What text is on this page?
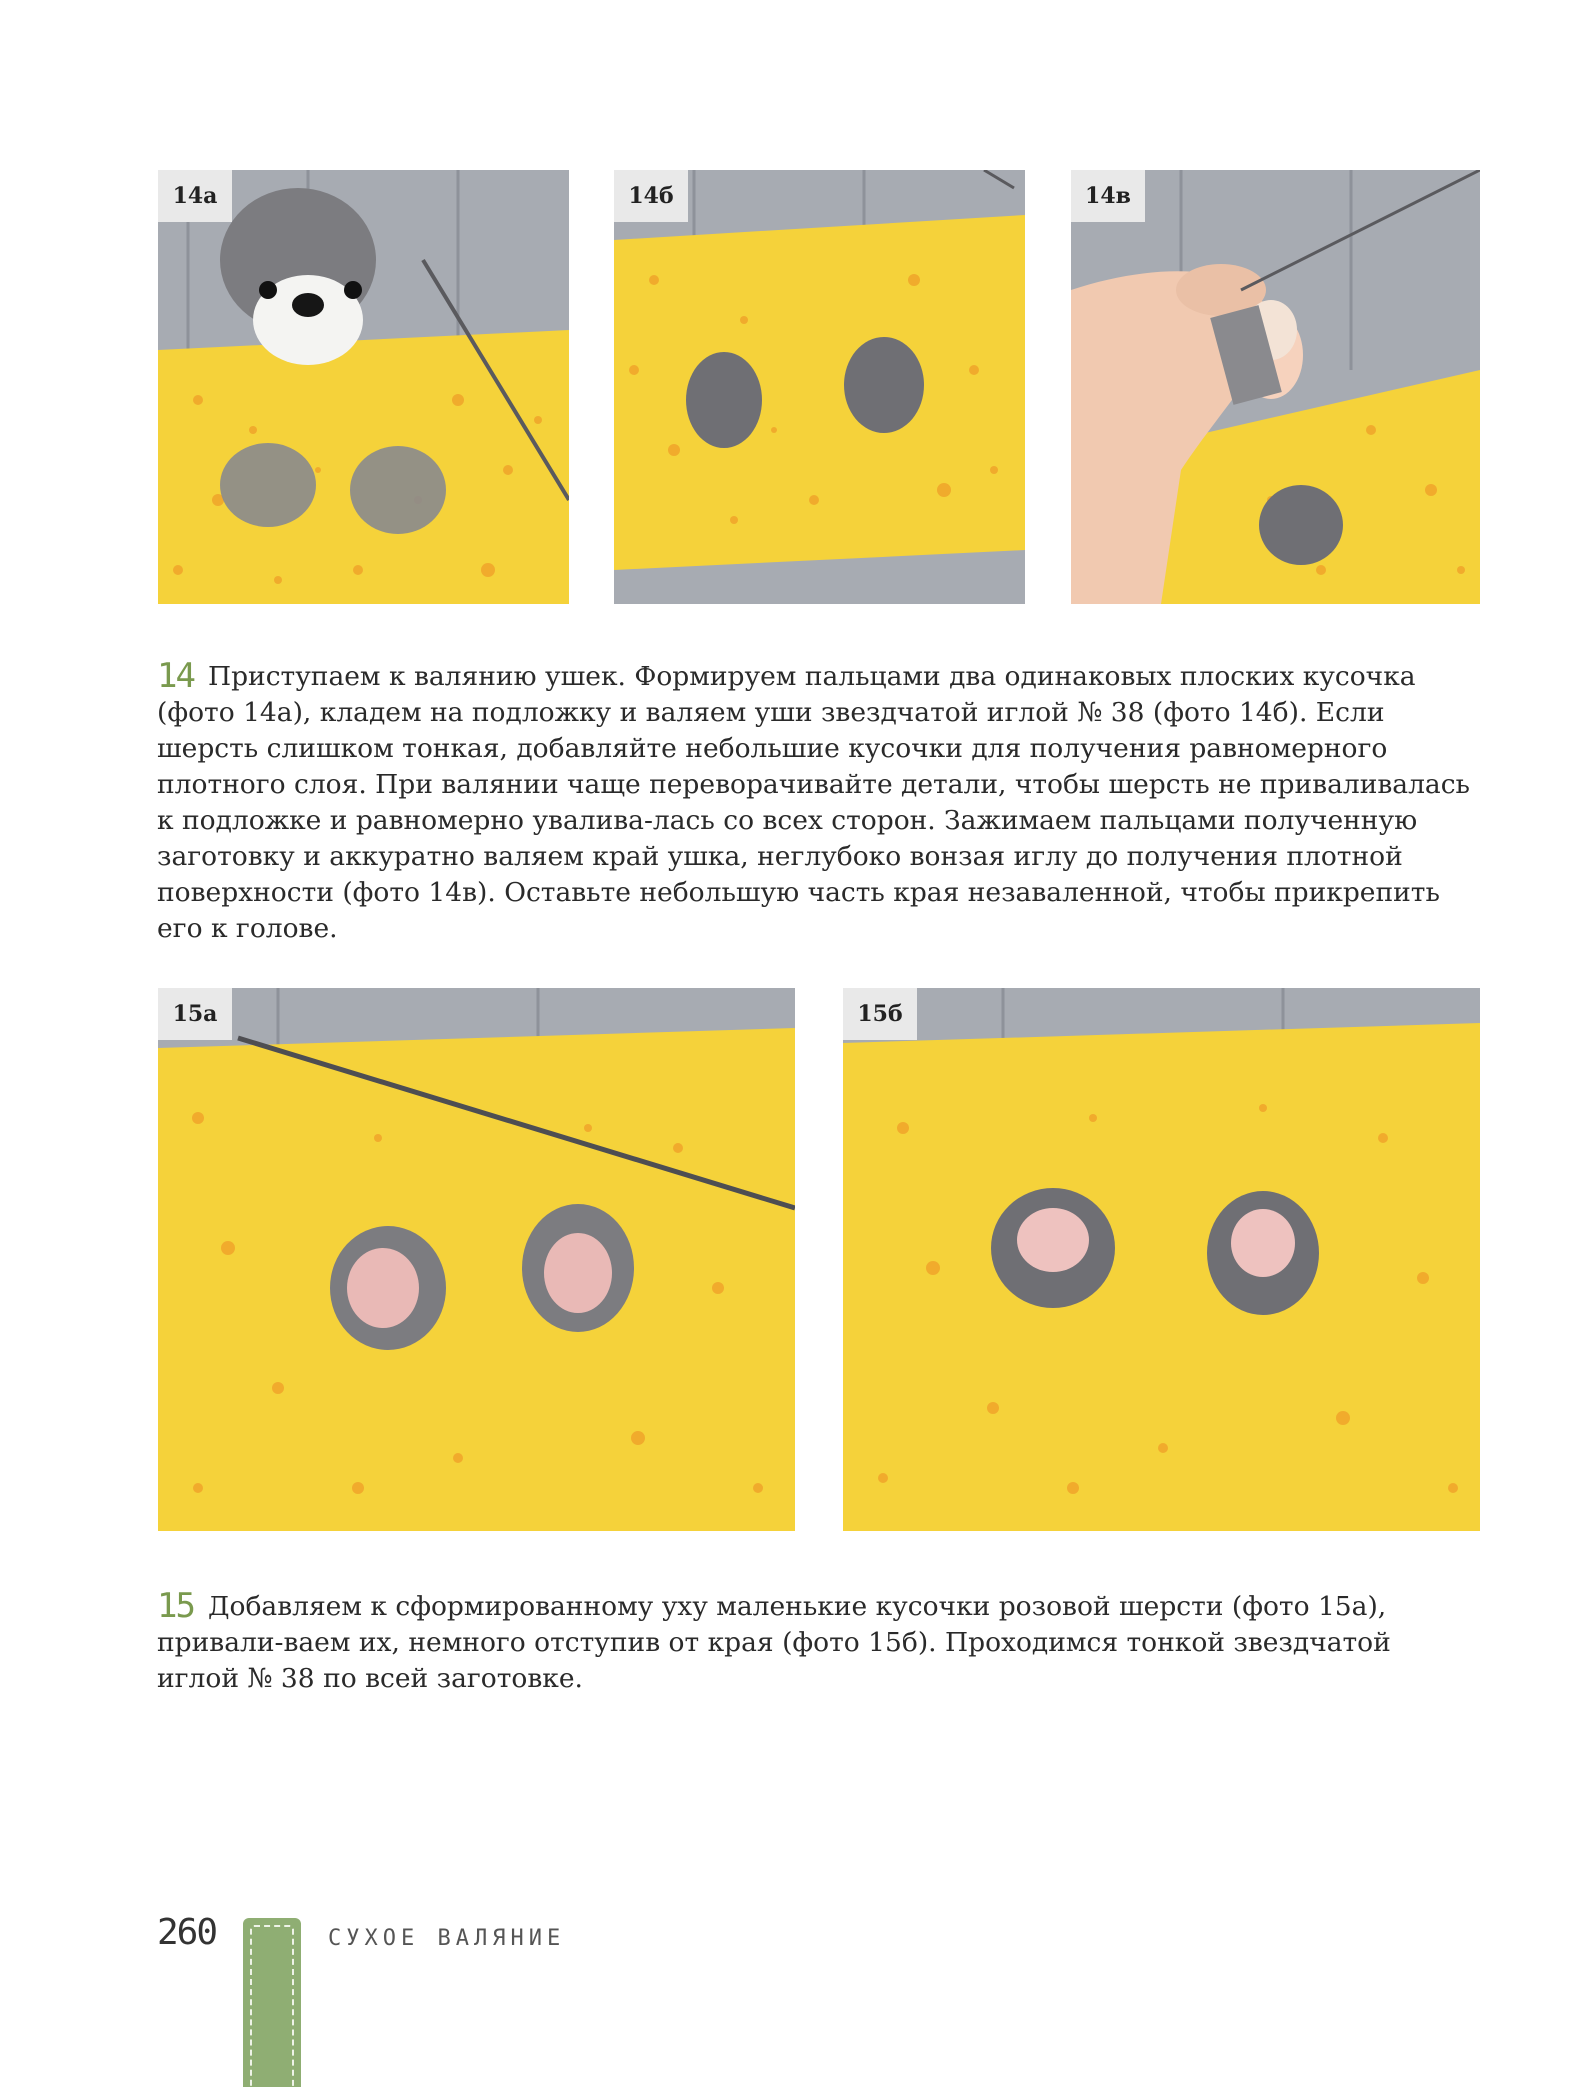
14а	14б	14в
14 Приступаем к валянию ушек. Формируем пальцами два одинаковых плоских кусочка (фото 14а), кладем на подложку и валяем уши звездчатой иглой № 38 (фото 14б). Если шерсть слишком тонкая, добавляйте небольшие кусочки для получения равномерного плотного слоя. При валянии чаще переворачивайте детали, чтобы шерсть не приваливалась к подложке и равномерно увалива-лась со всех сторон. Зажимаем пальцами полученную заготовку и аккуратно валяем край ушка, неглубоко вонзая иглу до получения плотной поверхности (фото 14в). Оставьте небольшую часть края незаваленной, чтобы прикрепить его к голове.
15а	15б
15 Добавляем к сформированному уху маленькие кусочки розовой шерсти (фото 15а), привали-ваем их, немного отступив от края (фото 15б). Проходимся тонкой звездчатой иглой № 38 по всей заготовке.
260	СУХОЕ ВАЛЯНИЕ
